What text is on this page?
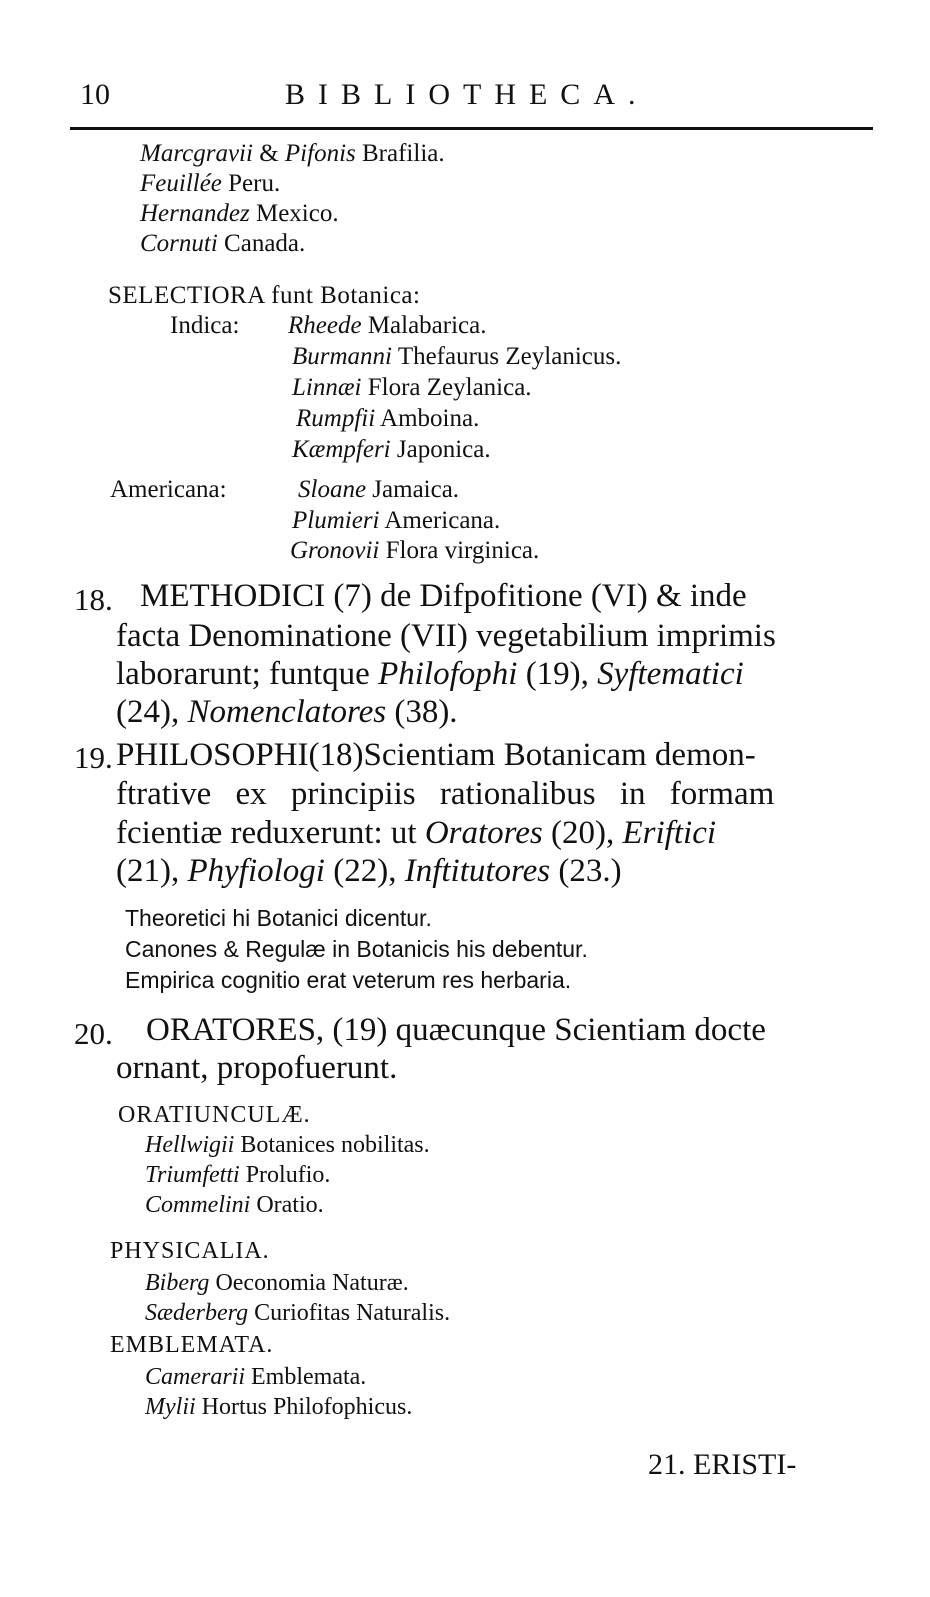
10	BIBLIOTHECA.
Marcgravii & Pifonis Brafilia.
Feuillée Peru.
Hernandez Mexico.
Cornuti Canada.
SELECTIORA funt Botanica:
Indica: Rheede Malabarica.
Burmanni Thefaurus Zeylanicus.
Linnæi Flora Zeylanica.
Rumpfii Amboina.
Kæmpferi Japonica.
Americana:	Sloane Jamaica.
Plumieri Americana.
Gronovii Flora virginica.
18. METHODICI (7) de Difpofitione (VI) & inde
facta Denominatione (VII) vegetabilium imprimis
laborarunt; funtque Philofophi (19), Syftematici
(24), Nomenclatores (38).
19. PHILOSOPHI(18)Scientiam Botanicam demon-
ftrative ex principiis rationalibus in formam
fcientiæ reduxerunt: ut Oratores (20), Eriftici
(21), Phyfiologi (22), Inftitutores (23.)
Theoretici hi Botanici dicentur.
Canones & Regulæ in Botanicis his debentur.
Empirica cognitio erat veterum res herbaria.
20. ORATORES, (19) quæcunque Scientiam docte
ornant, propofuerunt.
ORATIUNCULÆ.
Hellwigii Botanices nobilitas.
Triumfetti Prolufio.
Commelini Oratio.
PHYSICALIA.
Biberg Oeconomia Naturæ.
Sæderberg Curiofitas Naturalis.
EMBLEMATA.
Camerarii Emblemata.
Mylii Hortus Philofophicus.
21. ERISTI-
